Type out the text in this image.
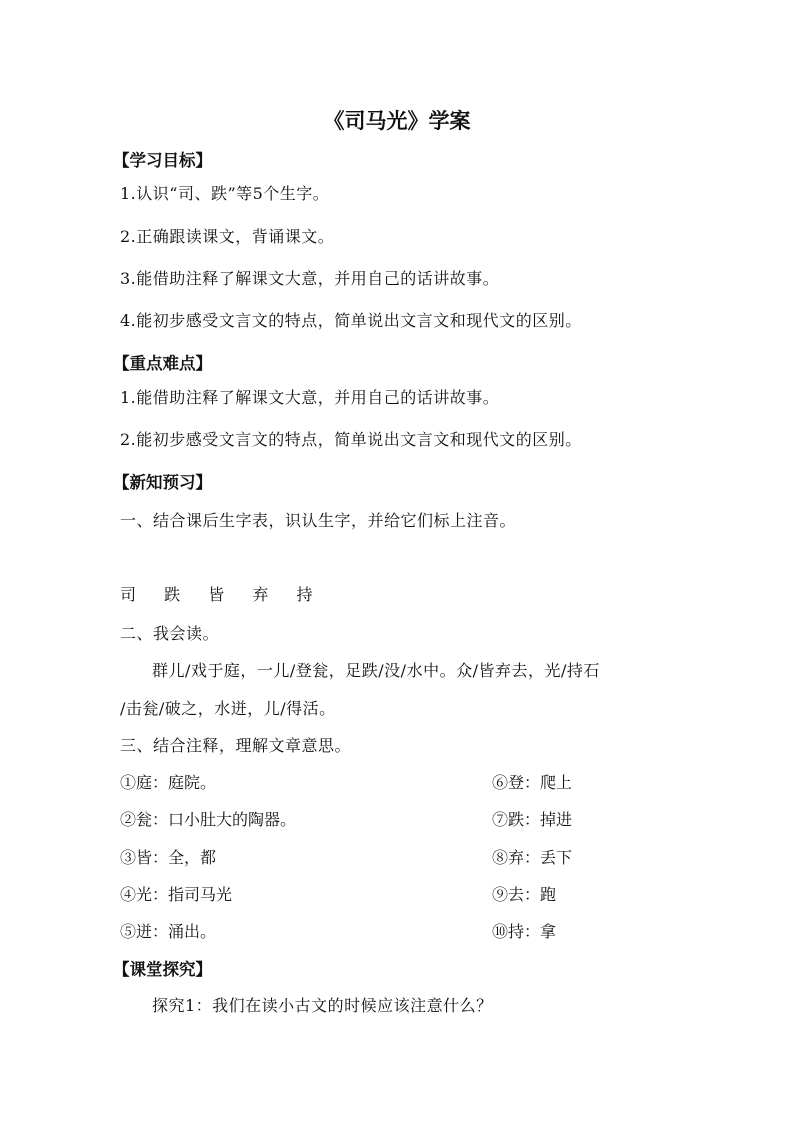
《司马光》学案
【学习目标】
1.认识“司、跌”等5个生字。
2.正确跟读课文，背诵课文。
3.能借助注释了解课文大意，并用自己的话讲故事。
4.能初步感受文言文的特点，简单说出文言文和现代文的区别。
【重点难点】
1.能借助注释了解课文大意，并用自己的话讲故事。
2.能初步感受文言文的特点，简单说出文言文和现代文的区别。
【新知预习】
一、结合课后生字表，识认生字，并给它们标上注音。
司 跌 皆 弃 持
二、我会读。
群儿/戏于庭，一儿/登瓮，足跌/没/水中。众/皆弃去，光/持石
/击瓮/破之，水迸，儿/得活。
三、结合注释，理解文章意思。
①庭：庭院。
②瓮：口小肚大的陶器。
③皆：全，都
④光：指司马光
⑤迸：涌出。
⑥登：爬上
⑦跌：掉进
⑧弃：丢下
⑨去：跑
⑩持：拿
【课堂探究】
探究1：我们在读小古文的时候应该注意什么？
